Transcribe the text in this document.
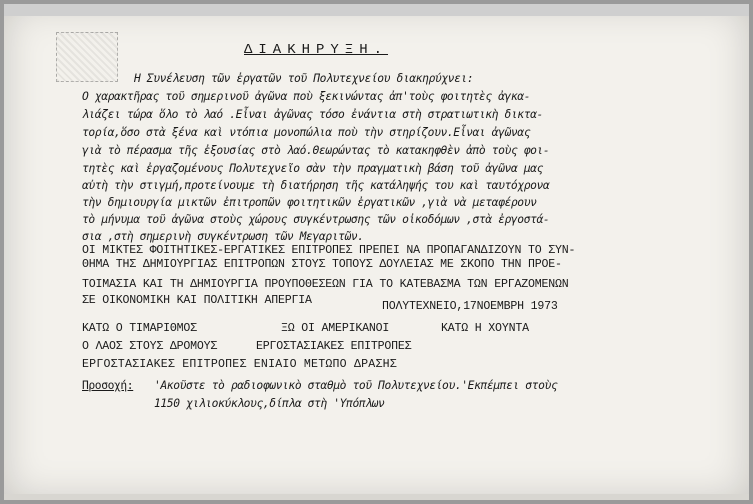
ΔΙΑΚΗΡΥΞΗ.
Η Συνέλευση τῶν ἐργατῶν τοῦ Πολυτεχνείου διακηρύχνει:
Ο χαρακτῆρας τοῦ σημερινοῦ ἀγῶνα ποὺ ξεκινώντας ἀπ'τοὺς φοιτητὲς ἀγκα-
λιάζει τώρα ὅλο τὸ λαό .Εἶναι ἀγῶνας τόσο ἐνάντια στὴ στρατιωτικὴ δικτα-
τορία,ὅσο στὰ ξένα καὶ ντόπια μονοπώλια ποὺ τὴν στηρίζουν.Εἶναι ἀγῶνας
γιὰ τὸ πέρασμα τῆς ἐξουσίας στὸ λαό.Θεωρώντας τὸ κατακηφθὲν ἀπὸ τοὺς φοι-
τητὲς καὶ ἐργαζομένους Πολυτεχνεῖο σὰν τὴν πραγματικὴ βάση τοῦ ἀγῶνα μας
αὐτὴ τὴν στιγμή,προτείνουμε τὴ διατήρηση τῆς κατάληψής του καὶ ταυτόχρονα
τὴν δημιουργία μικτῶν ἐπιτροπῶν φοιτητικῶν ἐργατικῶν ,γιὰ νὰ μεταφέρουν
τὸ μήνυμα τοῦ ἀγῶνα στοὺς χώρους συγκέντρωσης τῶν οἰκοδόμων ,στὰ ἐργοστά-
σια ,στὴ σημερινὴ συγκέντρωση τῶν Μεγαριτῶν.
ΟΙ ΜΙΚΤΕΣ ΦΟΙΤΗΤΙΚΕΣ-ΕΡΓΑΤΙΚΕΣ ΕΠΙΤΡΟΠΕΣ ΠΡΕΠΕΙ ΝΑ ΠΡΟΠΑΓΑΝΔΙΖΟΥΝ ΤΟ ΣΥΝ-
ΘΗΜΑ ΤΗΣ ΔΗΜΙΟΥΡΓΙΑΣ ΕΠΙΤΡΟΠΩΝ ΣΤΟΥΣ ΤΟΠΟΥΣ ΔΟΥΛΕΙΑΣ ΜΕ ΣΚΟΠΟ ΤΗΝ ΠΡΟΕ-
ΤΟΙΜΑΣΙΑ ΚΑΙ ΤΗ ΔΗΜΙΟΥΡΓΙΑ ΠΡΟΥΠΟΘΕΣΕΩΝ ΓΙΑ ΤΟ ΚΑΤΕΒΑΣΜΑ ΤΩΝ ΕΡΓΑΖΟΜΕΝΩΝ
ΣΕ ΟΙΚΟΝΟΜΙΚΗ ΚΑΙ ΠΟΛΙΤΙΚΗ ΑΠΕΡΓΙΑ	ΠΟΛΥΤΕΧΝΕΙΟ,17ΝΟΕΜΒΡΗ 1973
ΚΑΤΩ Ο ΤΙΜΑΡΙΘΜΟΣ	ΞΩ ΟΙ ΑΜΕΡΙΚΑΝΟΙ	ΚΑΤΩ Η ΧΟΥΝΤΑ
Ο ΛΑΟΣ ΣΤΟΥΣ ΔΡΟΜΟΥΣ	ΕΡΓΟΣΤΑΣΙΑΚΕΣ ΕΠΙΤΡΟΠΕΣ
ΕΡΓΟΣΤΑΣΙΑΚΕΣ ΕΠΙΤΡΟΠΕΣ ΕΝΙΑΙΟ ΜΕΤΩΠΟ ΔΡΑΣΗΣ
Προσοχή: 'Ακοῦστε τὸ ραδιοφωνικὸ σταθμὸ τοῦ Πολυτεχνείου.'Εκπέμπει στοὺς
1150 χιλιοκύκλους,δίπλα στὴ 'Υπόπλων
